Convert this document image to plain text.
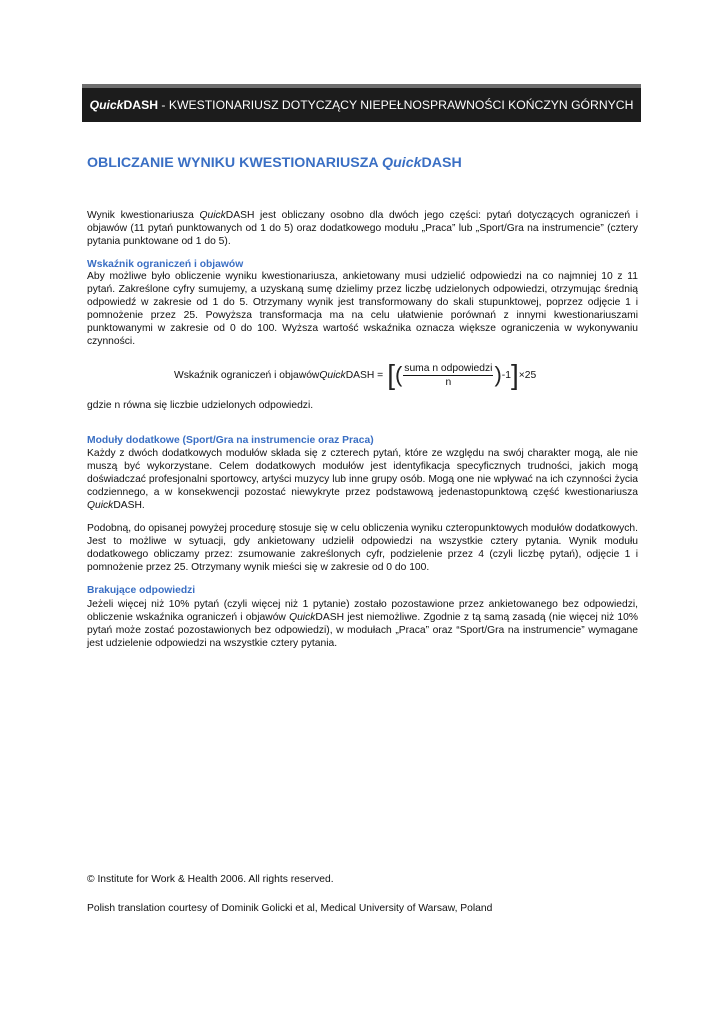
QuickDASH - KWESTIONARIUSZ DOTYCZĄCY NIEPEŁNOSPRAWNOŚCI KOŃCZYN GÓRNYCH
OBLICZANIE WYNIKU KWESTIONARIUSZA QuickDASH
Wynik kwestionariusza QuickDASH jest obliczany osobno dla dwóch jego części: pytań dotyczących ograniczeń i objawów (11 pytań punktowanych od 1 do 5) oraz dodatkowego modułu „Praca” lub „Sport/Gra na instrumencie” (cztery pytania punktowane od 1 do 5).
Wskaźnik ograniczeń i objawów
Aby możliwe było obliczenie wyniku kwestionariusza, ankietowany musi udzielić odpowiedzi na co najmniej 10 z 11 pytań. Zakreślone cyfry sumujemy, a uzyskaną sumę dzielimy przez liczbę udzielonych odpowiedzi, otrzymując średnią odpowiedź w zakresie od 1 do 5. Otrzymany wynik jest transformowany do skali stupunktowej, poprzez odjęcie 1 i pomnożenie przez 25. Powyższa transformacja ma na celu ułatwienie porównań z innymi kwestionariuszami punktowanymi w zakresie od 0 do 100. Wyższa wartość wskaźnika oznacza większe ograniczenia w wykonywaniu czynności.
Wskaźnik ograniczeń i objawów Quick DASH = [ ( $\frac{\text{suma n odpowiedzi}}{n}$ ) -1 ] ×25
gdzie n równa się liczbie udzielonych odpowiedzi.
Moduły dodatkowe (Sport/Gra na instrumencie oraz Praca)
Każdy z dwóch dodatkowych modułów składa się z czterech pytań, które ze względu na swój charakter mogą, ale nie muszą być wykorzystane. Celem dodatkowych modułów jest identyfikacja specyficznych trudności, jakich mogą doświadczać profesjonalni sportowcy, artyści muzycy lub inne grupy osób. Mogą one nie wpływać na ich czynności życia codziennego, a w konsekwencji pozostać niewykryte przez podstawową jedenastopunktową część kwestionariusza QuickDASH.
Podobną, do opisanej powyżej procedurę stosuje się w celu obliczenia wyniku czteropunktowych modułów dodatkowych. Jest to możliwe w sytuacji, gdy ankietowany udzielił odpowiedzi na wszystkie cztery pytania. Wynik modułu dodatkowego obliczamy przez: zsumowanie zakreślonych cyfr, podzielenie przez 4 (czyli liczbę pytań), odjęcie 1 i pomnożenie przez 25. Otrzymany wynik mieści się w zakresie od 0 do 100.
Brakujące odpowiedzi
Jeżeli więcej niż 10% pytań (czyli więcej niż 1 pytanie) zostało pozostawione przez ankietowanego bez odpowiedzi, obliczenie wskaźnika ograniczeń i objawów QuickDASH jest niemożliwe. Zgodnie z tą samą zasadą (nie więcej niż 10% pytań może zostać pozostawionych bez odpowiedzi), w modułach „Praca” oraz “Sport/Gra na instrumencie” wymagane jest udzielenie odpowiedzi na wszystkie cztery pytania.
© Institute for Work & Health 2006. All rights reserved.
Polish translation courtesy of Dominik Golicki et al, Medical University of Warsaw, Poland
